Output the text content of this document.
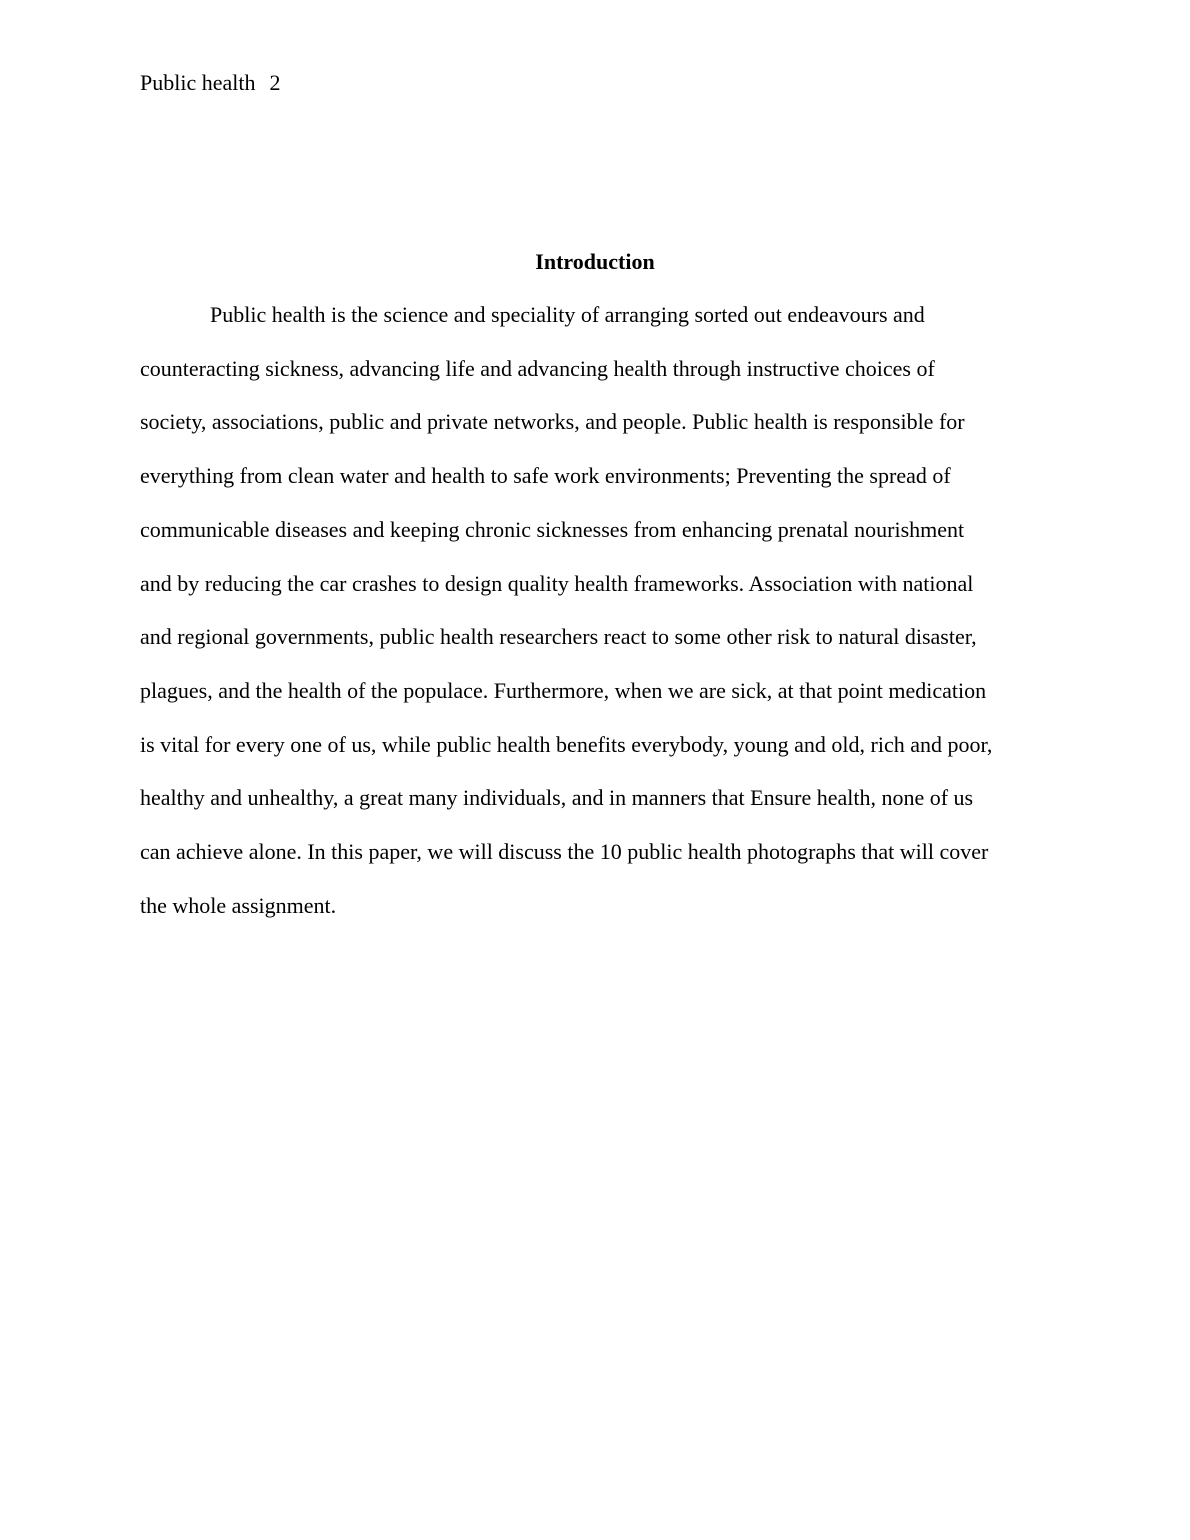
Public health 2
Introduction

Public health is the science and speciality of arranging sorted out endeavours and
counteracting sickness, advancing life and advancing health through instructive choices of
society, associations, public and private networks, and people. Public health is responsible for
everything from clean water and health to safe work environments; Preventing the spread of
communicable diseases and keeping chronic sicknesses from enhancing prenatal nourishment
and by reducing the car crashes to design quality health frameworks. Association with national
and regional governments, public health researchers react to some other risk to natural disaster,
plagues, and the health of the populace. Furthermore, when we are sick, at that point medication
is vital for every one of us, while public health benefits everybody, young and old, rich and poor,
healthy and unhealthy, a great many individuals, and in manners that Ensure health, none of us
can achieve alone. In this paper, we will discuss the 10 public health photographs that will cover
the whole assignment.
